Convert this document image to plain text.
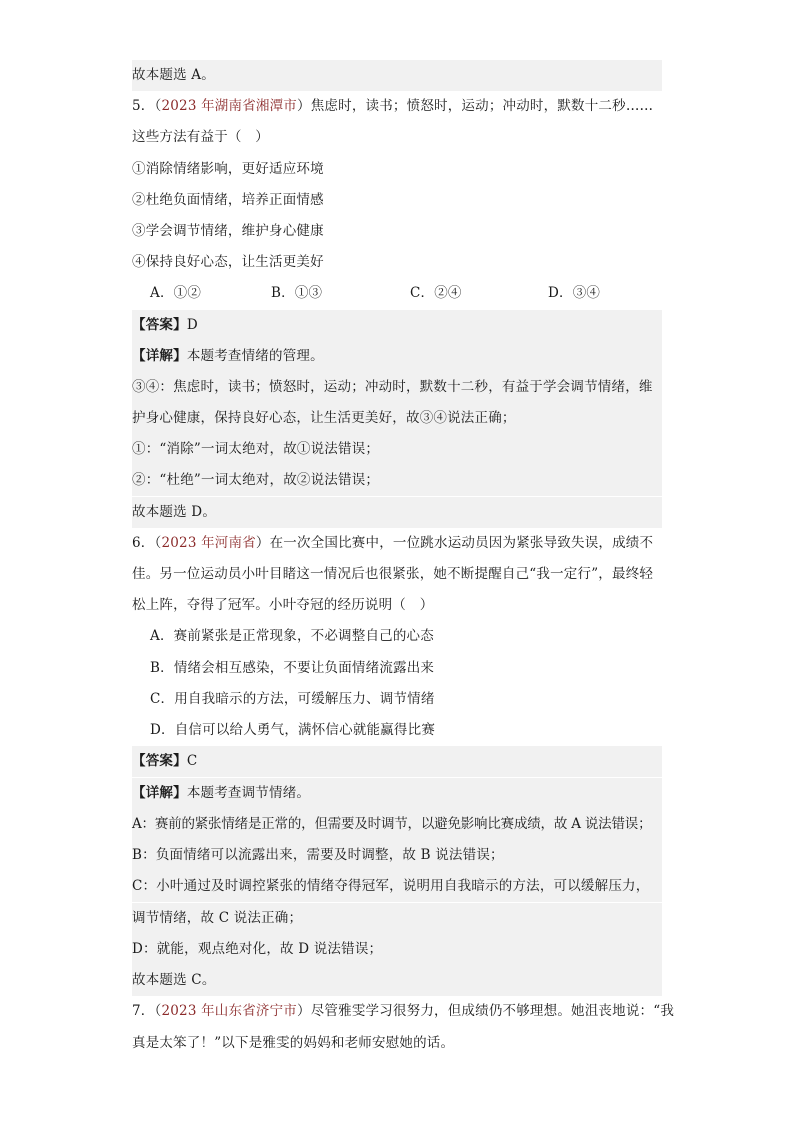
故本题选 A。
5．（2023 年湖南省湘潭市）焦虑时，读书；愤怒时，运动；冲动时，默数十二秒……
这些方法有益于（　）
①消除情绪影响，更好适应环境
②杜绝负面情绪，培养正面情感
③学会调节情绪，维护身心健康
④保持良好心态，让生活更美好
A．①②	B．①③	C．②④	D．③④
【答案】D
【详解】本题考查情绪的管理。
③④：焦虑时，读书；愤怒时，运动；冲动时，默数十二秒，有益于学会调节情绪，维
护身心健康，保持良好心态，让生活更美好，故③④说法正确；
①：“消除”一词太绝对，故①说法错误；
②：“杜绝”一词太绝对，故②说法错误；
故本题选 D。
6．（2023 年河南省）在一次全国比赛中，一位跳水运动员因为紧张导致失误，成绩不
佳。另一位运动员小叶目睹这一情况后也很紧张，她不断提醒自己“我一定行”，最终轻
松上阵，夺得了冠军。小叶夺冠的经历说明（　）
A．赛前紧张是正常现象，不必调整自己的心态
B．情绪会相互感染，不要让负面情绪流露出来
C．用自我暗示的方法，可缓解压力、调节情绪
D．自信可以给人勇气，满怀信心就能赢得比赛
【答案】C
【详解】本题考查调节情绪。
A：赛前的紧张情绪是正常的，但需要及时调节，以避免影响比赛成绩，故 A 说法错误；
B：负面情绪可以流露出来，需要及时调整，故 B 说法错误；
C：小叶通过及时调控紧张的情绪夺得冠军，说明用自我暗示的方法，可以缓解压力，
调节情绪，故 C 说法正确；
D：就能，观点绝对化，故 D 说法错误；
故本题选 C。
7．（2023 年山东省济宁市）尽管雅雯学习很努力，但成绩仍不够理想。她沮丧地说：“我
真是太笨了！”以下是雅雯的妈妈和老师安慰她的话。
